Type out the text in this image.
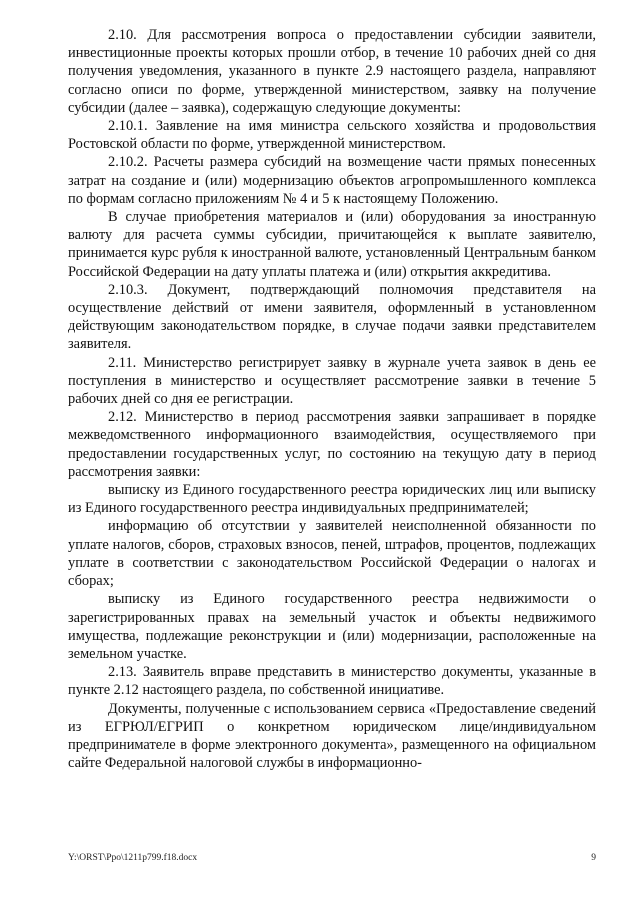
2.10. Для рассмотрения вопроса о предоставлении субсидии заявители, инвестиционные проекты которых прошли отбор, в течение 10 рабочих дней со дня получения уведомления, указанного в пункте 2.9 настоящего раздела, направляют согласно описи по форме, утвержденной министерством, заявку на получение субсидии (далее – заявка), содержащую следующие документы:

2.10.1. Заявление на имя министра сельского хозяйства и продовольствия Ростовской области по форме, утвержденной министерством.

2.10.2. Расчеты размера субсидий на возмещение части прямых понесенных затрат на создание и (или) модернизацию объектов агропромышленного комплекса по формам согласно приложениям № 4 и 5 к настоящему Положению.

В случае приобретения материалов и (или) оборудования за иностранную валюту для расчета суммы субсидии, причитающейся к выплате заявителю, принимается курс рубля к иностранной валюте, установленный Центральным банком Российской Федерации на дату уплаты платежа и (или) открытия аккредитива.

2.10.3. Документ, подтверждающий полномочия представителя на осуществление действий от имени заявителя, оформленный в установленном действующим законодательством порядке, в случае подачи заявки представителем заявителя.

2.11. Министерство регистрирует заявку в журнале учета заявок в день ее поступления в министерство и осуществляет рассмотрение заявки в течение 5 рабочих дней со дня ее регистрации.

2.12. Министерство в период рассмотрения заявки запрашивает в порядке межведомственного информационного взаимодействия, осуществляемого при предоставлении государственных услуг, по состоянию на текущую дату в период рассмотрения заявки:

выписку из Единого государственного реестра юридических лиц или выписку из Единого государственного реестра индивидуальных предпринимателей;

информацию об отсутствии у заявителей неисполненной обязанности по уплате налогов, сборов, страховых взносов, пеней, штрафов, процентов, подлежащих уплате в соответствии с законодательством Российской Федерации о налогах и сборах;

выписку из Единого государственного реестра недвижимости о зарегистрированных правах на земельный участок и объекты недвижимого имущества, подлежащие реконструкции и (или) модернизации, расположенные на земельном участке.

2.13. Заявитель вправе представить в министерство документы, указанные в пункте 2.12 настоящего раздела, по собственной инициативе.

Документы, полученные с использованием сервиса «Предоставление сведений из ЕГРЮЛ/ЕГРИП о конкретном юридическом лице/индивидуальном предпринимателе в форме электронного документа», размещенного на официальном сайте Федеральной налоговой службы в информационно-

Y:\ORST\Ppo\1211p799.f18.docx	9
